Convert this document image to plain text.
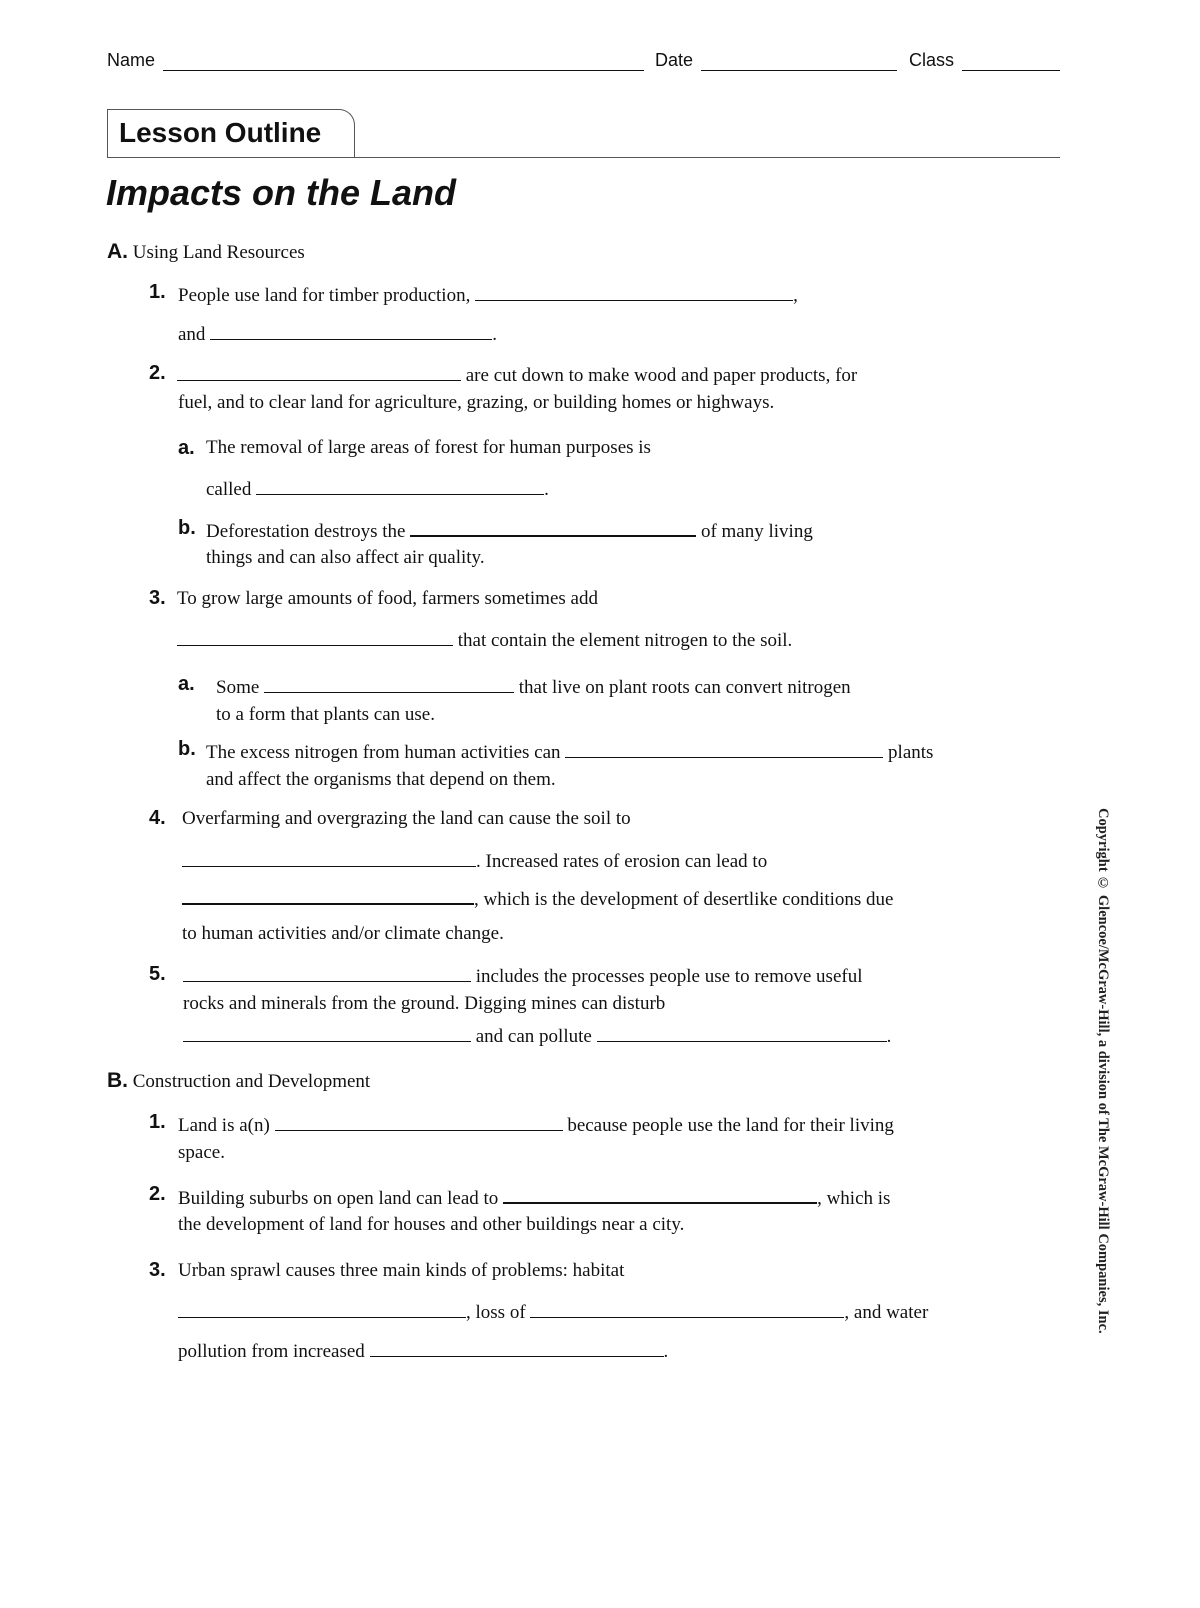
Name	Date	Class
Lesson Outline
Impacts on the Land
A. Using Land Resources
1. People use land for timber production,	,
and	.
2.	are cut down to make wood and paper products, for
fuel, and to clear land for agriculture, grazing, or building homes or highways.
a. The removal of large areas of forest for human purposes is
called	.
b. Deforestation destroys the	of many living
things and can also affect air quality.
3. To grow large amounts of food, farmers sometimes add
that contain the element nitrogen to the soil.
a. Some	that live on plant roots can convert nitrogen
to a form that plants can use.
b. The excess nitrogen from human activities can	plants
and affect the organisms that depend on them.
4. Overfarming and overgrazing the land can cause the soil to
. Increased rates of erosion can lead to
, which is the development of desertlike conditions due
to human activities and/or climate change.
5.	includes the processes people use to remove useful
rocks and minerals from the ground. Digging mines can disturb
and can pollute	.
B. Construction and Development
1. Land is a(n)	because people use the land for their living
space.
2. Building suburbs on open land can lead to	, which is
the development of land for houses and other buildings near a city.
3. Urban sprawl causes three main kinds of problems: habitat
, loss of	, and water
pollution from increased	.
Copyright © Glencoe/McGraw-Hill, a division of The McGraw-Hill Companies, Inc.
